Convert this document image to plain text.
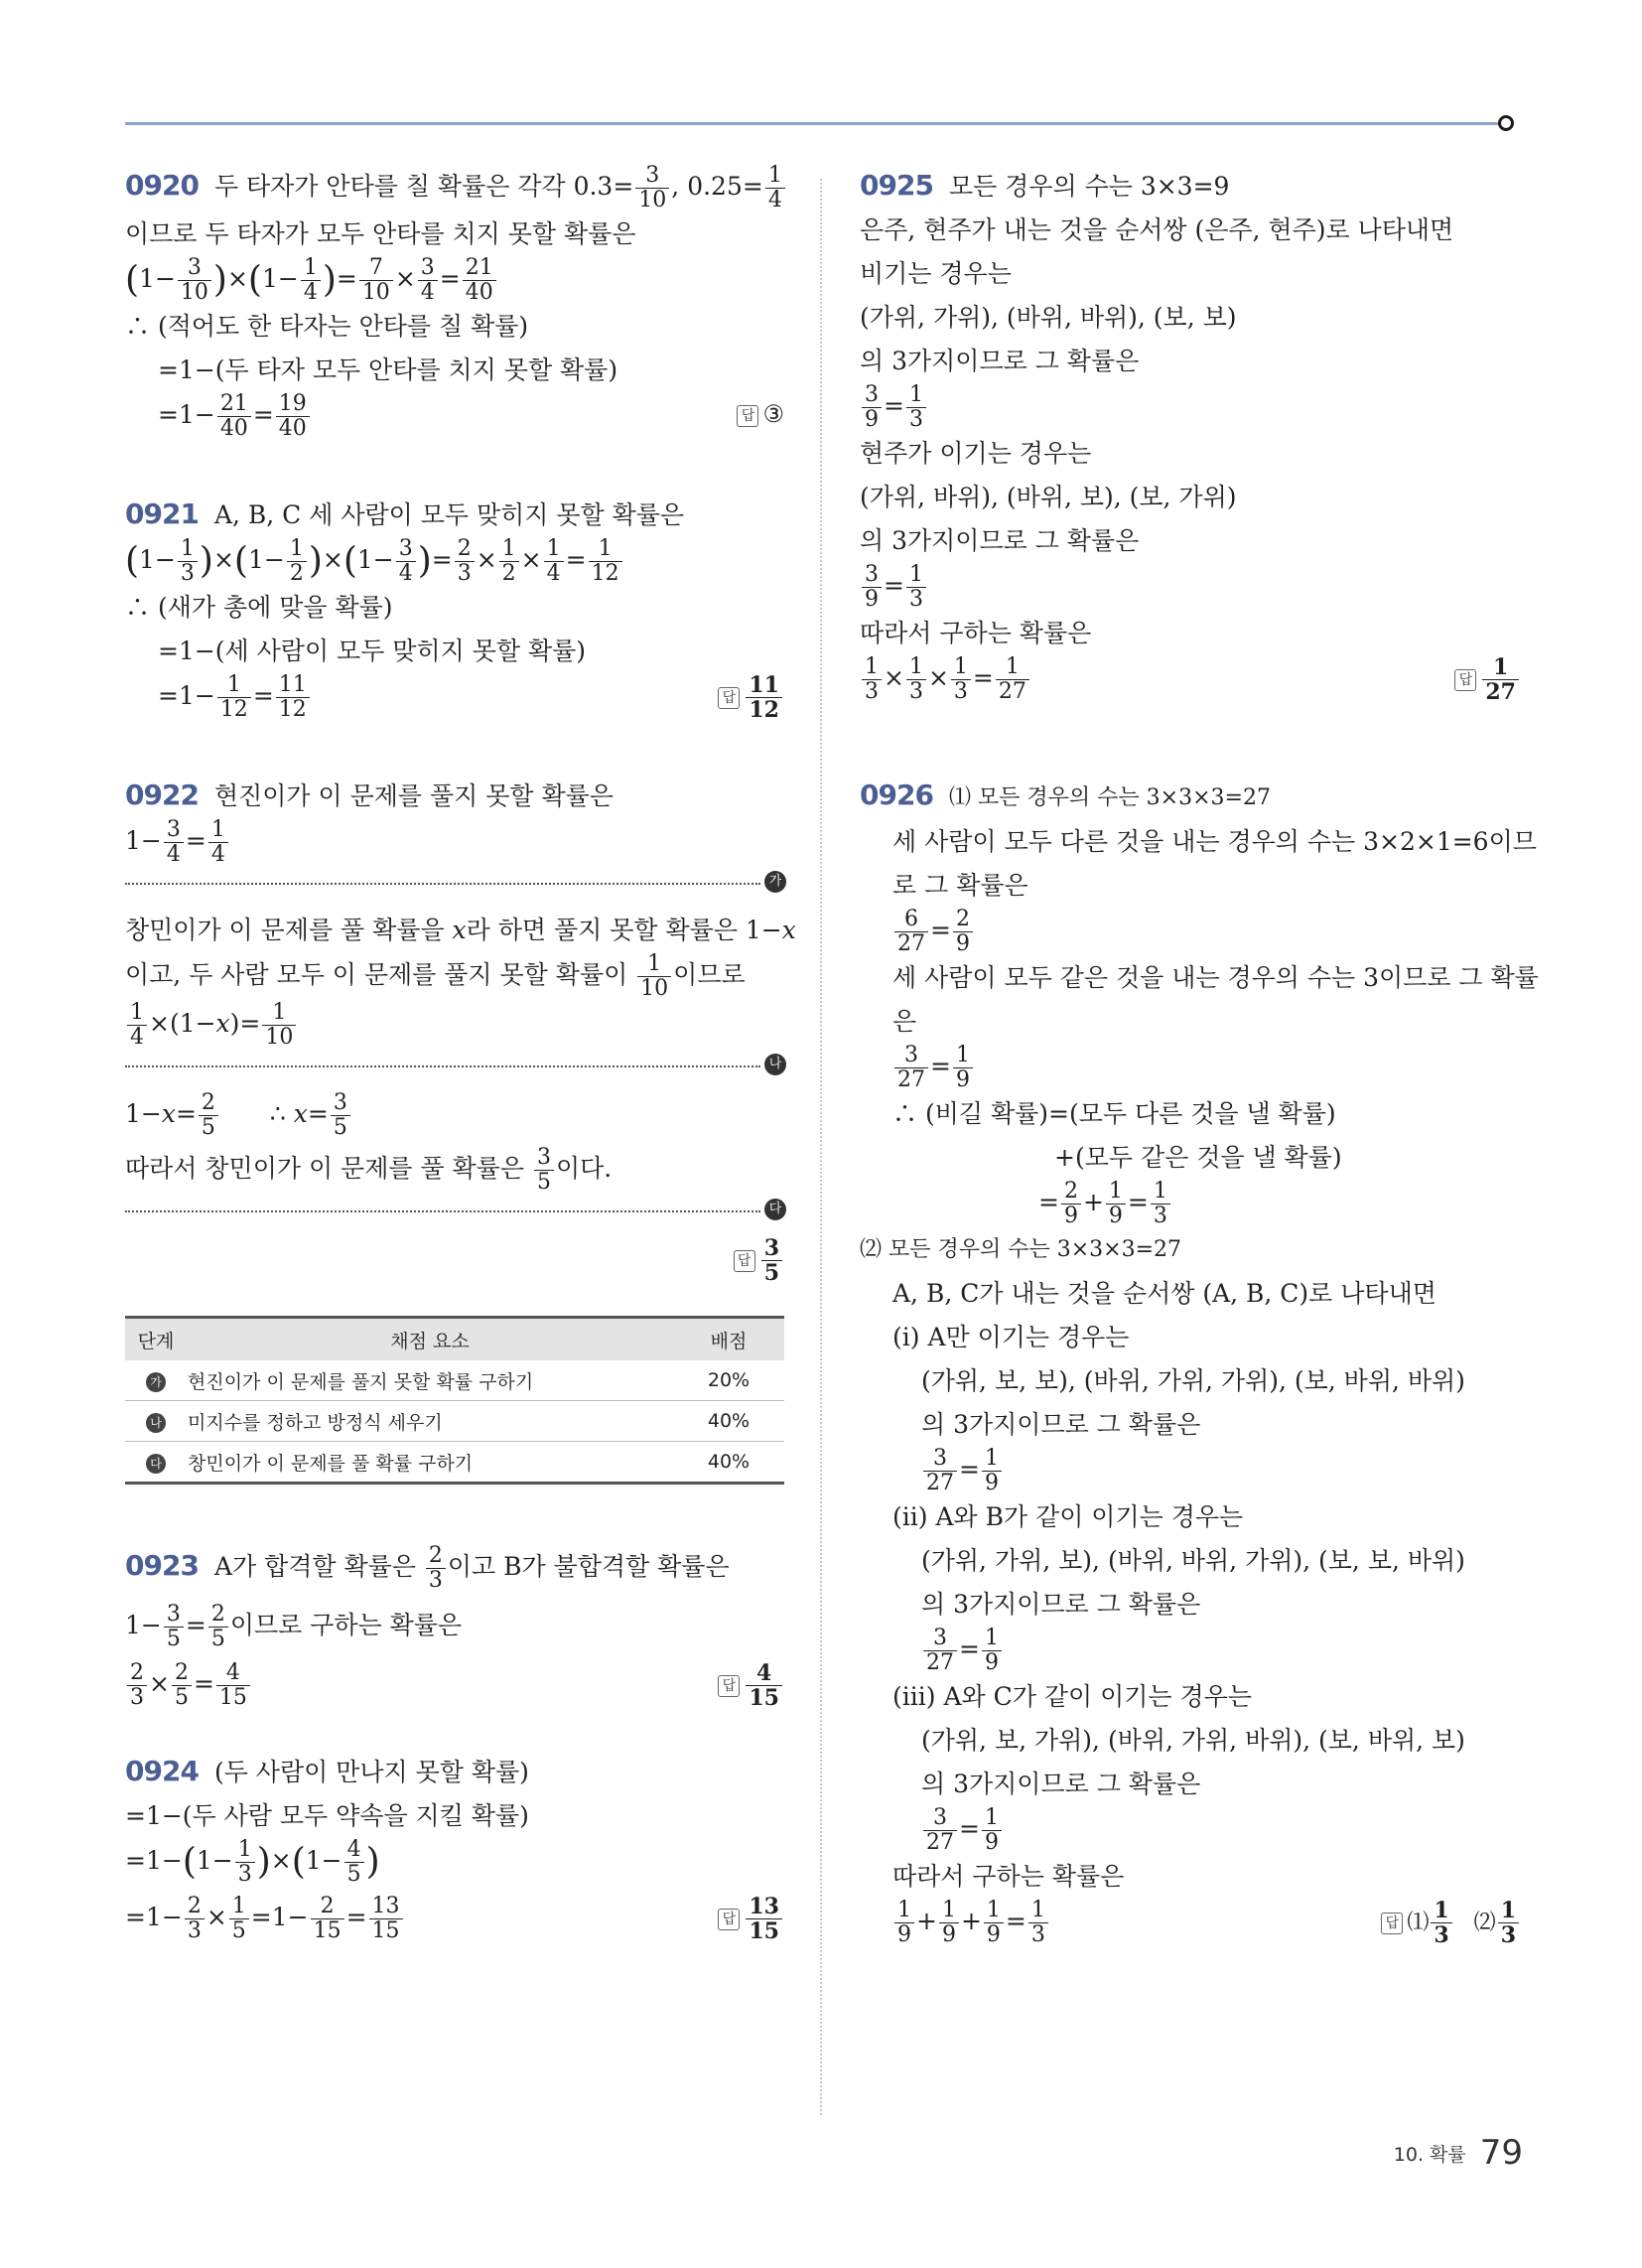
0920 두 타자가 안타를 칠 확률은 각각 $0.3= \frac{3}{10}$ , $0.25= \frac{1}{4}$
이므로 두 타자가 모두 안타를 치지 못할 확률은
$(1- \frac{3}{10} )\times(1- \frac{1}{4}$ )= $\frac{7}{10} \times \frac{3}{4} = \frac{21}{40}$
∴ (적어도 한 타자는 안타를 칠 확률)
=1−(두 타자 모두 안타를 치지 못할 확률)
$=1- \frac{21}{40} = \frac{19}{40}$	답 ③
0921 A, B, C 세 사람이 모두 맞히지 못할 확률은
$(1- \frac{1}{3} )\times(1- \frac{1}{2} )\times(1- \frac{3}{4}$ )= $\frac{2}{3} \times \frac{1}{2} \times \frac{1}{4} = \frac{1}{12}$
∴ (새가 총에 맞을 확률)
=1−(세 사람이 모두 맞히지 못할 확률)
$=1- \frac{1}{12} = \frac{11}{12}$	답 $\frac{11}{12}$
0922 현진이가 이 문제를 풀지 못할 확률은
$1- \frac{3}{4} = \frac{1}{4}$
가
창민이가 이 문제를 풀 확률을 𝑥라 하면 풀지 못할 확률은 1−𝑥
이고, 두 사람 모두 이 문제를 풀지 못할 확률이 $\frac{1}{10}$ 이므로
$\frac{1}{4}$ ×(1−𝑥)= $\frac{1}{10}$
나
1−𝑥= $\frac{2}{5}$ ∴ 𝑥= $\frac{3}{5}$
따라서 창민이가 이 문제를 풀 확률은 $\frac{3}{5}$ 이다.
다
답 $\frac{3}{5}$
단계	채점 요소	배점
가	현진이가 이 문제를 풀지 못할 확률 구하기	20%
나	미지수를 정하고 방정식 세우기	40%
다	창민이가 이 문제를 풀 확률 구하기	40%
0923 A가 합격할 확률은 $\frac{2}{3}$ 이고 B가 불합격할 확률은
$1- \frac{3}{5} = \frac{2}{5}$ 이므로 구하는 확률은
$\frac{2}{3} \times \frac{2}{5} = \frac{4}{15}$	답 $\frac{4}{15}$
0924 (두 사람이 만나지 못할 확률)
=1−(두 사람 모두 약속을 지킬 확률)
$=1-(1- \frac{1}{3} )\times(1- \frac{4}{5}$ )
$=1- \frac{2}{3} \times \frac{1}{5} =1- \frac{2}{15} = \frac{13}{15}$	답 $\frac{13}{15}$
0925 모든 경우의 수는 3×3=9
은주, 현주가 내는 것을 순서쌍 (은주, 현주)로 나타내면
비기는 경우는
(가위, 가위), (바위, 바위), (보, 보)
의 3가지이므로 그 확률은
$\frac{3}{9} = \frac{1}{3}$
현주가 이기는 경우는
(가위, 바위), (바위, 보), (보, 가위)
의 3가지이므로 그 확률은
$\frac{3}{9} = \frac{1}{3}$
따라서 구하는 확률은
$\frac{1}{3} \times \frac{1}{3} \times \frac{1}{3} = \frac{1}{27}$	답 $\frac{1}{27}$
0926 ⑴ 모든 경우의 수는 3×3×3=27
세 사람이 모두 다른 것을 내는 경우의 수는 3×2×1=6이므
로 그 확률은
$\frac{6}{27} = \frac{2}{9}$
세 사람이 모두 같은 것을 내는 경우의 수는 3이므로 그 확률
은
$\frac{3}{27} = \frac{1}{9}$
∴ (비길 확률)=(모두 다른 것을 낼 확률)
+(모두 같은 것을 낼 확률)
= $\frac{2}{9} + \frac{1}{9} = \frac{1}{3}$
⑵ 모든 경우의 수는 3×3×3=27
A, B, C가 내는 것을 순서쌍 (A, B, C)로 나타내면
(ⅰ) A만 이기는 경우는
(가위, 보, 보), (바위, 가위, 가위), (보, 바위, 바위)
의 3가지이므로 그 확률은
$\frac{3}{27} = \frac{1}{9}$
(ⅱ) A와 B가 같이 이기는 경우는
(가위, 가위, 보), (바위, 바위, 가위), (보, 보, 바위)
의 3가지이므로 그 확률은
$\frac{3}{27} = \frac{1}{9}$
(ⅲ) A와 C가 같이 이기는 경우는
(가위, 보, 가위), (바위, 가위, 바위), (보, 바위, 보)
의 3가지이므로 그 확률은
$\frac{3}{27} = \frac{1}{9}$
따라서 구하는 확률은
$\frac{1}{9} + \frac{1}{9} + \frac{1}{9} = \frac{1}{3}$	답 ⑴ $\frac{1}{3}$ ⑵ $\frac{1}{3}$
10. 확률 79
